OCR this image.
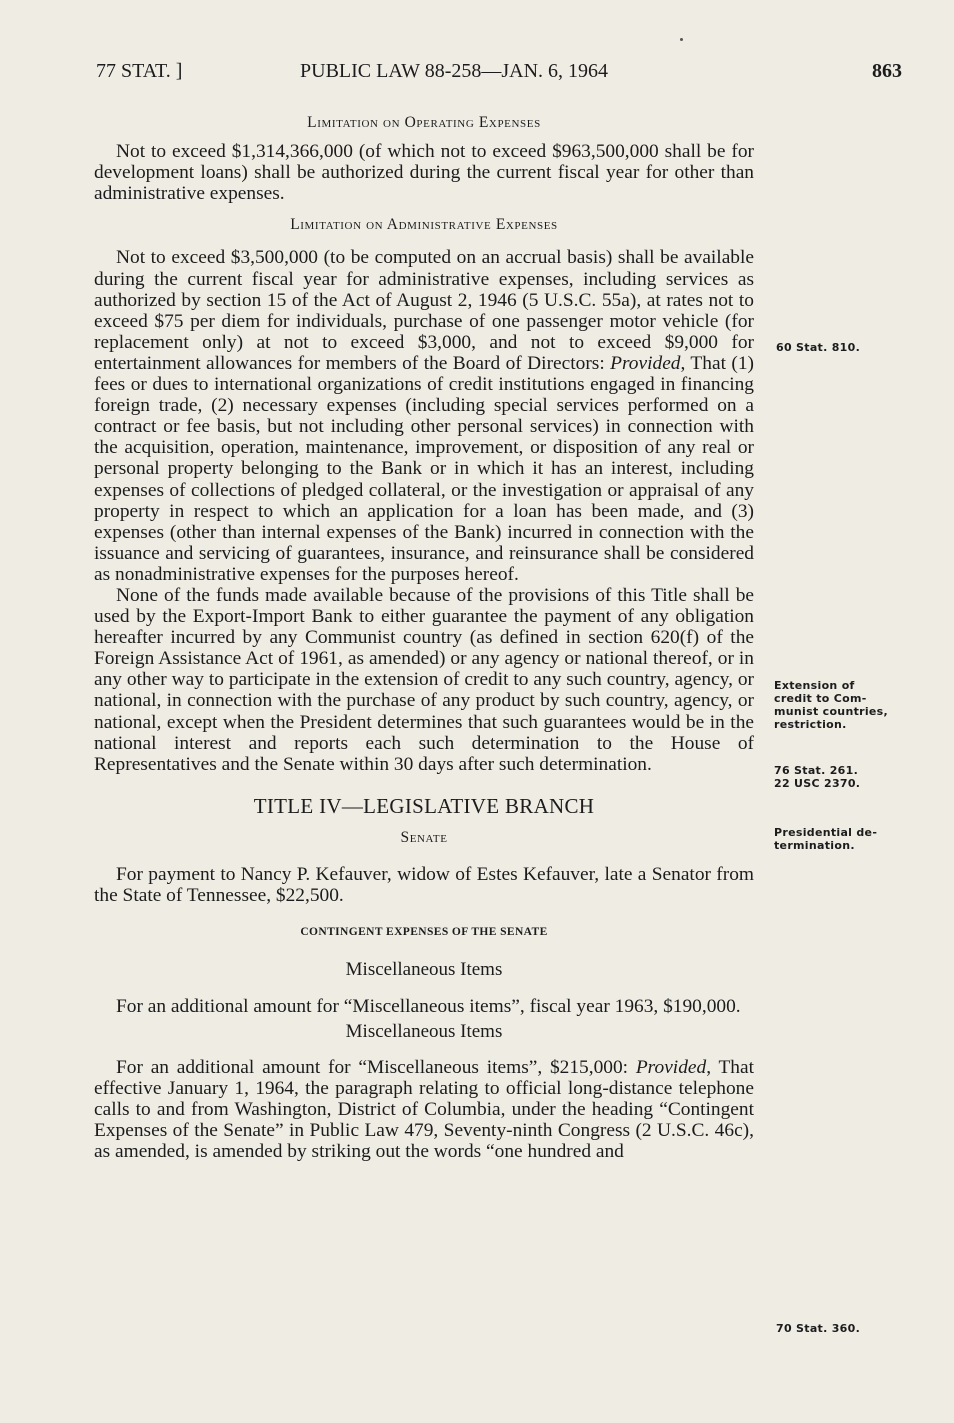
77 STAT. ]	PUBLIC LAW 88-258—JAN. 6, 1964	863
Limitation on Operating Expenses

Not to exceed $1,314,366,000 (of which not to exceed $963,500,000 shall be for development loans) shall be authorized during the current fiscal year for other than administrative expenses.

Limitation on Administrative Expenses

Not to exceed $3,500,000 (to be computed on an accrual basis) shall be available during the current fiscal year for administrative expenses, including services as authorized by section 15 of the Act of August 2, 1946 (5 U.S.C. 55a), at rates not to exceed $75 per diem for individuals, purchase of one passenger motor vehicle (for replacement only) at not to exceed $3,000, and not to exceed $9,000 for entertainment allowances for members of the Board of Directors: Provided, That (1) fees or dues to international organizations of credit institutions engaged in financing foreign trade, (2) necessary expenses (including special services performed on a contract or fee basis, but not including other personal services) in connection with the acquisition, operation, maintenance, improvement, or disposition of any real or personal property belonging to the Bank or in which it has an interest, including expenses of collections of pledged collateral, or the investigation or appraisal of any property in respect to which an application for a loan has been made, and (3) expenses (other than internal expenses of the Bank) incurred in connection with the issuance and servicing of guarantees, insurance, and reinsurance shall be considered as nonadministrative expenses for the purposes hereof.

None of the funds made available because of the provisions of this Title shall be used by the Export-Import Bank to either guarantee the payment of any obligation hereafter incurred by any Communist country (as defined in section 620(f) of the Foreign Assistance Act of 1961, as amended) or any agency or national thereof, or in any other way to participate in the extension of credit to any such country, agency, or national, in connection with the purchase of any product by such country, agency, or national, except when the President determines that such guarantees would be in the national interest and reports each such determination to the House of Representatives and the Senate within 30 days after such determination.

TITLE IV—LEGISLATIVE BRANCH
Senate

For payment to Nancy P. Kefauver, widow of Estes Kefauver, late a Senator from the State of Tennessee, $22,500.

CONTINGENT EXPENSES OF THE SENATE
Miscellaneous Items

For an additional amount for “Miscellaneous items”, fiscal year 1963, $190,000.

Miscellaneous Items

For an additional amount for “Miscellaneous items”, $215,000: Provided, That effective January 1, 1964, the paragraph relating to official long-distance telephone calls to and from Washington, District of Columbia, under the heading “Contingent Expenses of the Senate” in Public Law 479, Seventy-ninth Congress (2 U.S.C. 46c), as amended, is amended by striking out the words “one hundred and

60 Stat. 810.
Extension of
credit to Com-
munist countries,
restriction.
76 Stat. 261.
22 USC 2370.
Presidential de-
termination.
70 Stat. 360.
